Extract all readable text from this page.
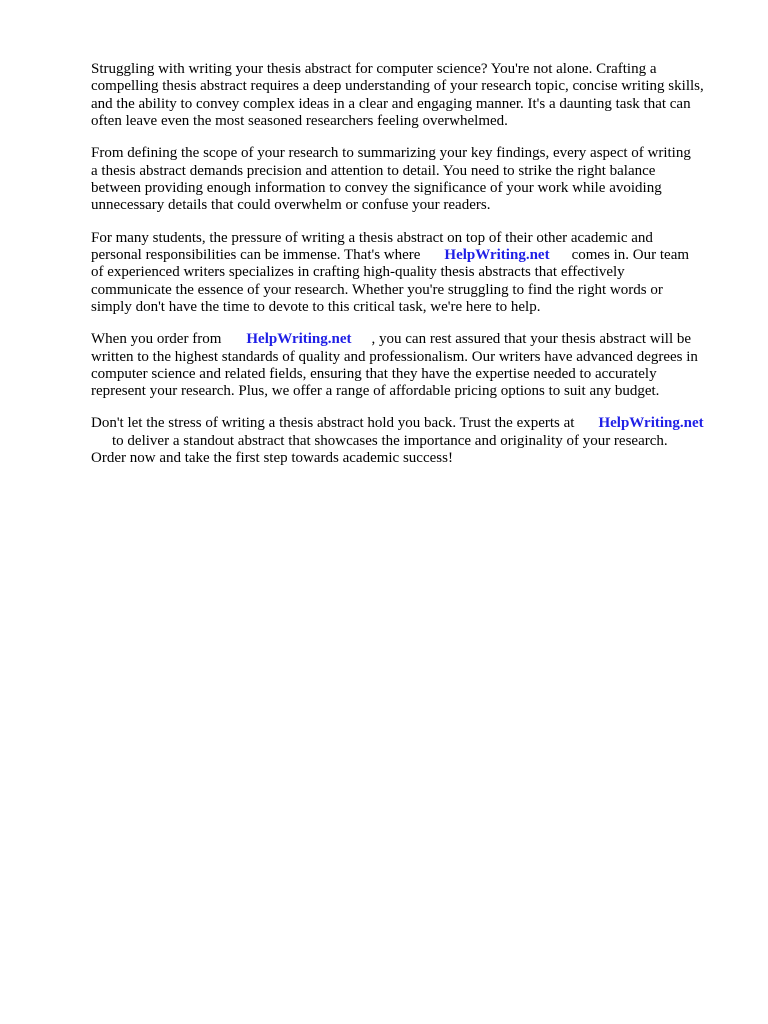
Struggling with writing your thesis abstract for computer science? You're not alone. Crafting a
compelling thesis abstract requires a deep understanding of your research topic, concise writing skills,
and the ability to convey complex ideas in a clear and engaging manner. It's a daunting task that can
often leave even the most seasoned researchers feeling overwhelmed.
From defining the scope of your research to summarizing your key findings, every aspect of writing
a thesis abstract demands precision and attention to detail. You need to strike the right balance
between providing enough information to convey the significance of your work while avoiding
unnecessary details that could overwhelm or confuse your readers.
For many students, the pressure of writing a thesis abstract on top of their other academic and
personal responsibilities can be immense. That's where HelpWriting.net comes in. Our team
of experienced writers specializes in crafting high-quality thesis abstracts that effectively
communicate the essence of your research. Whether you're struggling to find the right words or
simply don't have the time to devote to this critical task, we're here to help.
When you order from HelpWriting.net , you can rest assured that your thesis abstract will be
written to the highest standards of quality and professionalism. Our writers have advanced degrees in
computer science and related fields, ensuring that they have the expertise needed to accurately
represent your research. Plus, we offer a range of affordable pricing options to suit any budget.
Don't let the stress of writing a thesis abstract hold you back. Trust the experts at HelpWriting.net
to deliver a standout abstract that showcases the importance and originality of your research.
Order now and take the first step towards academic success!
